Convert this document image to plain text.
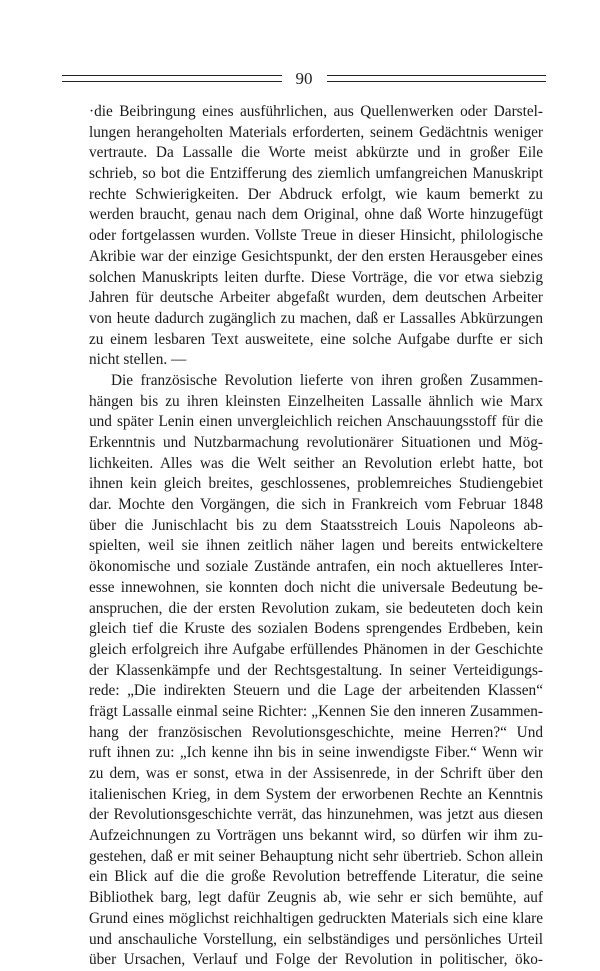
90
·die Beibringung eines ausführlichen, aus Quellenwerken oder Darstel-
lungen herangeholten Materials erforderten, seinem Gedächtnis weniger
vertraute. Da Lassalle die Worte meist abkürzte und in großer Eile
schrieb, so bot die Entzifferung des ziemlich umfangreichen Manuskript
rechte Schwierigkeiten. Der Abdruck erfolgt, wie kaum bemerkt zu
werden braucht, genau nach dem Original, ohne daß Worte hinzugefügt
oder fortgelassen wurden. Vollste Treue in dieser Hinsicht, philologische
Akribie war der einzige Gesichtspunkt, der den ersten Herausgeber eines
solchen Manuskripts leiten durfte. Diese Vorträge, die vor etwa siebzig
Jahren für deutsche Arbeiter abgefaßt wurden, dem deutschen Arbeiter
von heute dadurch zugänglich zu machen, daß er Lassalles Abkürzungen
zu einem lesbaren Text ausweitete, eine solche Aufgabe durfte er sich
nicht stellen. —
Die französische Revolution lieferte von ihren großen Zusammen-
hängen bis zu ihren kleinsten Einzelheiten Lassalle ähnlich wie Marx
und später Lenin einen unvergleichlich reichen Anschauungsstoff für die
Erkenntnis und Nutzbarmachung revolutionärer Situationen und Mög-
lichkeiten. Alles was die Welt seither an Revolution erlebt hatte, bot
ihnen kein gleich breites, geschlossenes, problemreiches Studiengebiet
dar. Mochte den Vorgängen, die sich in Frankreich vom Februar 1848
über die Junischlacht bis zu dem Staatsstreich Louis Napoleons ab-
spielten, weil sie ihnen zeitlich näher lagen und bereits entwickeltere
ökonomische und soziale Zustände antrafen, ein noch aktuelleres Inter-
esse innewohnen, sie konnten doch nicht die universale Bedeutung be-
anspruchen, die der ersten Revolution zukam, sie bedeuteten doch kein
gleich tief die Kruste des sozialen Bodens sprengendes Erdbeben, kein
gleich erfolgreich ihre Aufgabe erfüllendes Phänomen in der Geschichte
der Klassenkämpfe und der Rechtsgestaltung. In seiner Verteidigungs-
rede: „Die indirekten Steuern und die Lage der arbeitenden Klassen“
frägt Lassalle einmal seine Richter: „Kennen Sie den inneren Zusammen-
hang der französischen Revolutionsgeschichte, meine Herren?“ Und
ruft ihnen zu: „Ich kenne ihn bis in seine inwendigste Fiber.“ Wenn wir
zu dem, was er sonst, etwa in der Assisenrede, in der Schrift über den
italienischen Krieg, in dem System der erworbenen Rechte an Kenntnis
der Revolutionsgeschichte verrät, das hinzunehmen, was jetzt aus diesen
Aufzeichnungen zu Vorträgen uns bekannt wird, so dürfen wir ihm zu-
gestehen, daß er mit seiner Behauptung nicht sehr übertrieb. Schon allein
ein Blick auf die die große Revolution betreffende Literatur, die seine
Bibliothek barg, legt dafür Zeugnis ab, wie sehr er sich bemühte, auf
Grund eines möglichst reichhaltigen gedruckten Materials sich eine klare
und anschauliche Vorstellung, ein selbständiges und persönliches Urteil
über Ursachen, Verlauf und Folge der Revolution in politischer, öko-
